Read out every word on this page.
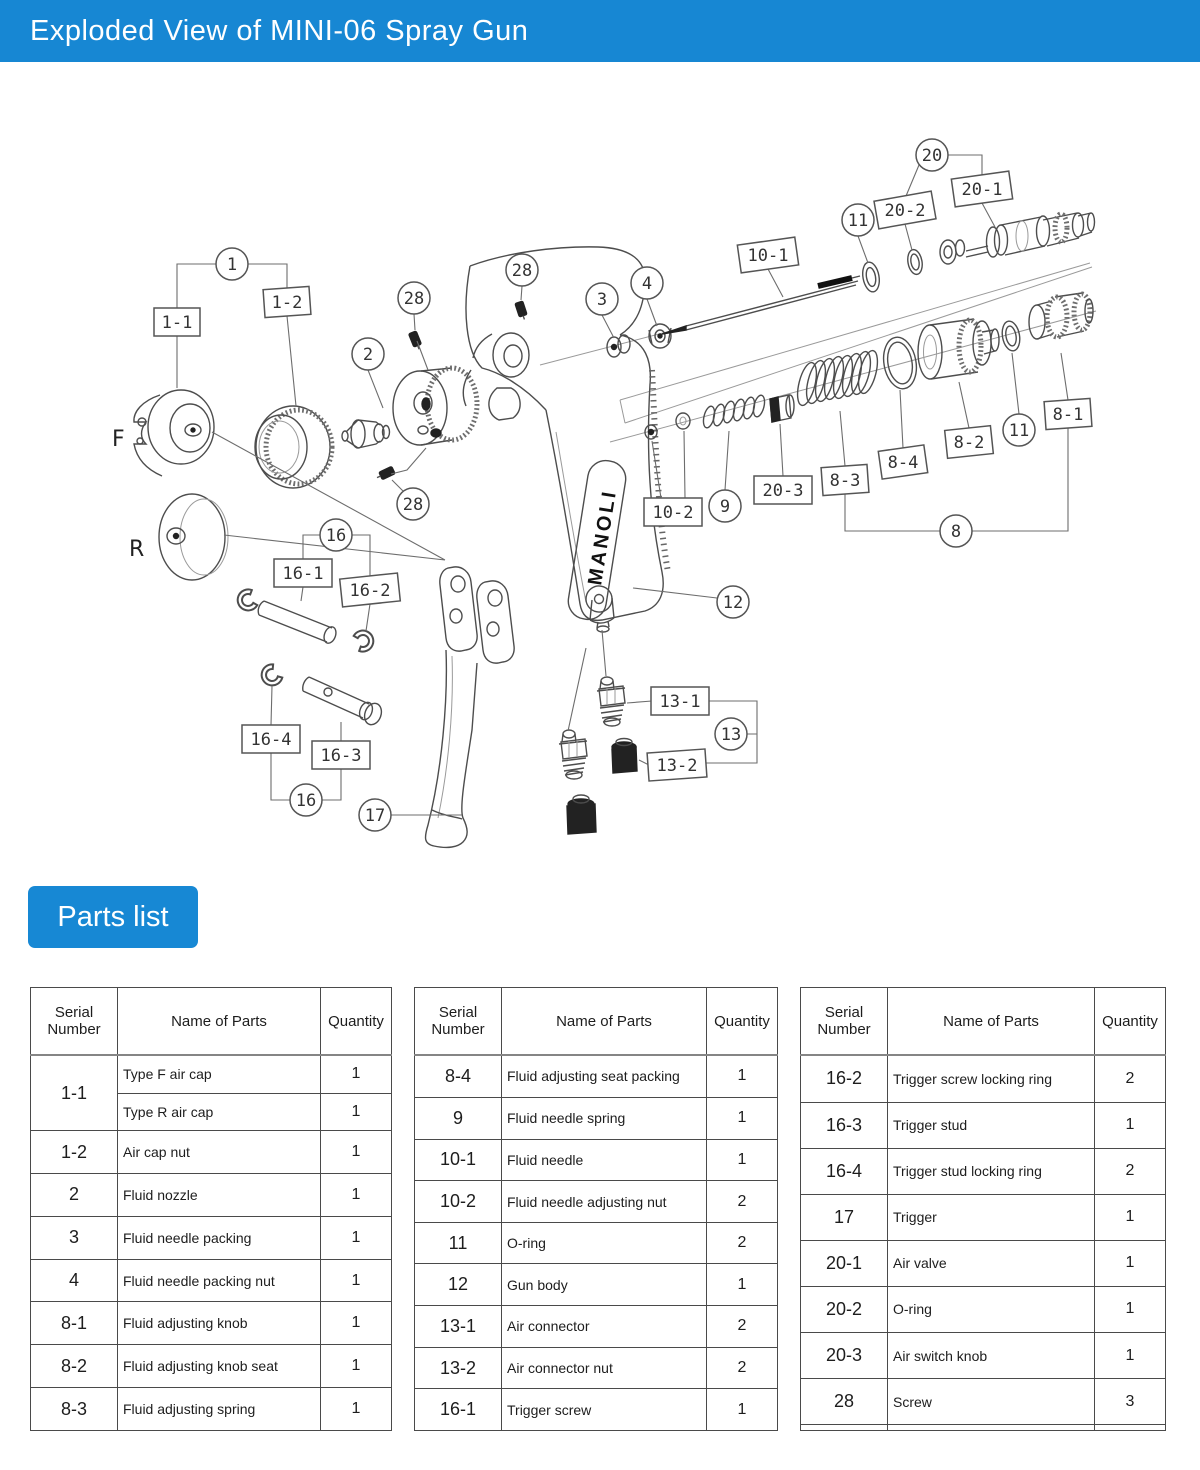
Exploded View of MINI-06 Spray Gun
F
R	MANOLI
1
1-1
1-2
2
28
28
28
3
4
10-1
11
20
20-2
20-1
8-1
8-2
11
8-4
8-3
20-3
9
10-2
8
12
16
16-1
16-2
16-4
16-3
16
17
13-1
13
13-2
Parts list
Serial Number	Name of Parts	Quantity
1-1	Type F air cap	1
	Type R air cap	1
1-2	Air cap nut	1
2	Fluid nozzle	1
3	Fluid needle packing	1
4	Fluid needle packing nut	1
8-1	Fluid adjusting knob	1
8-2	Fluid adjusting knob seat	1
8-3	Fluid adjusting spring	1
Serial Number	Name of Parts	Quantity
8-4	Fluid adjusting seat packing	1
9	Fluid needle spring	1
10-1	Fluid needle	1
10-2	Fluid needle adjusting nut	2
11	O-ring	2
12	Gun body	1
13-1	Air connector	2
13-2	Air connector nut	2
16-1	Trigger screw	1
Serial Number	Name of Parts	Quantity
16-2	Trigger screw locking ring	2
16-3	Trigger stud	1
16-4	Trigger stud locking ring	2
17	Trigger	1
20-1	Air valve	1
20-2	O-ring	1
20-3	Air switch knob	1
28	Screw	3
